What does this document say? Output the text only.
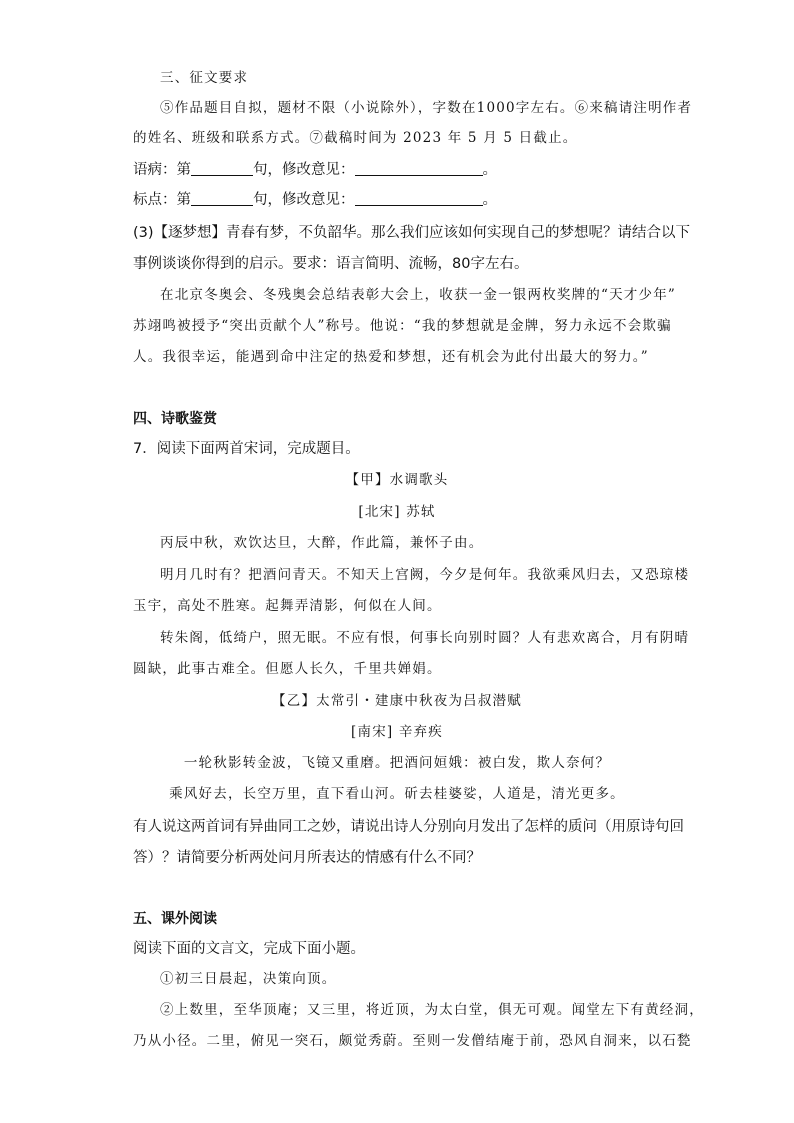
三、征文要求
⑤作品题目自拟，题材不限（小说除外），字数在1000字左右。⑥来稿请注明作者
的姓名、班级和联系方式。⑦截稿时间为 2023 年 5 月 5 日截止。
语病：第	句，修改意见：	。
标点：第	句，修改意见：	。
(3)【逐梦想】青春有梦，不负韶华。那么我们应该如何实现自己的梦想呢？请结合以下
事例谈谈你得到的启示。要求：语言简明、流畅，80字左右。
在北京冬奥会、冬残奥会总结表彰大会上，收获一金一银两枚奖牌的“天才少年”
苏翊鸣被授予“突出贡献个人”称号。他说：“我的梦想就是金牌，努力永远不会欺骗
人。我很幸运，能遇到命中注定的热爱和梦想，还有机会为此付出最大的努力。”
四、诗歌鉴赏
7．阅读下面两首宋词，完成题目。
【甲】水调歌头
[北宋] 苏轼
丙辰中秋，欢饮达旦，大醉，作此篇，兼怀子由。
明月几时有？把酒问青天。不知天上宫阙，今夕是何年。我欲乘风归去，又恐琼楼
玉宇，高处不胜寒。起舞弄清影，何似在人间。
转朱阁，低绮户，照无眠。不应有恨，何事长向别时圆？人有悲欢离合，月有阴晴
圆缺，此事古难全。但愿人长久，千里共婵娟。
【乙】太常引・建康中秋夜为吕叔潜赋
[南宋] 辛弃疾
一轮秋影转金波，飞镜又重磨。把酒问姮娥：被白发，欺人奈何？
乘风好去，长空万里，直下看山河。斫去桂婆娑，人道是，清光更多。
有人说这两首词有异曲同工之妙，请说出诗人分别向月发出了怎样的质问（用原诗句回
答）？请简要分析两处问月所表达的情感有什么不同？
五、课外阅读
阅读下面的文言文，完成下面小题。
①初三日晨起，决策向顶。
②上数里，至华顶庵；又三里，将近顶，为太白堂，俱无可观。闻堂左下有黄经洞，
乃从小径。二里，俯见一突石，颇觉秀蔚。至则一发僧结庵于前，恐风自洞来，以石甃
